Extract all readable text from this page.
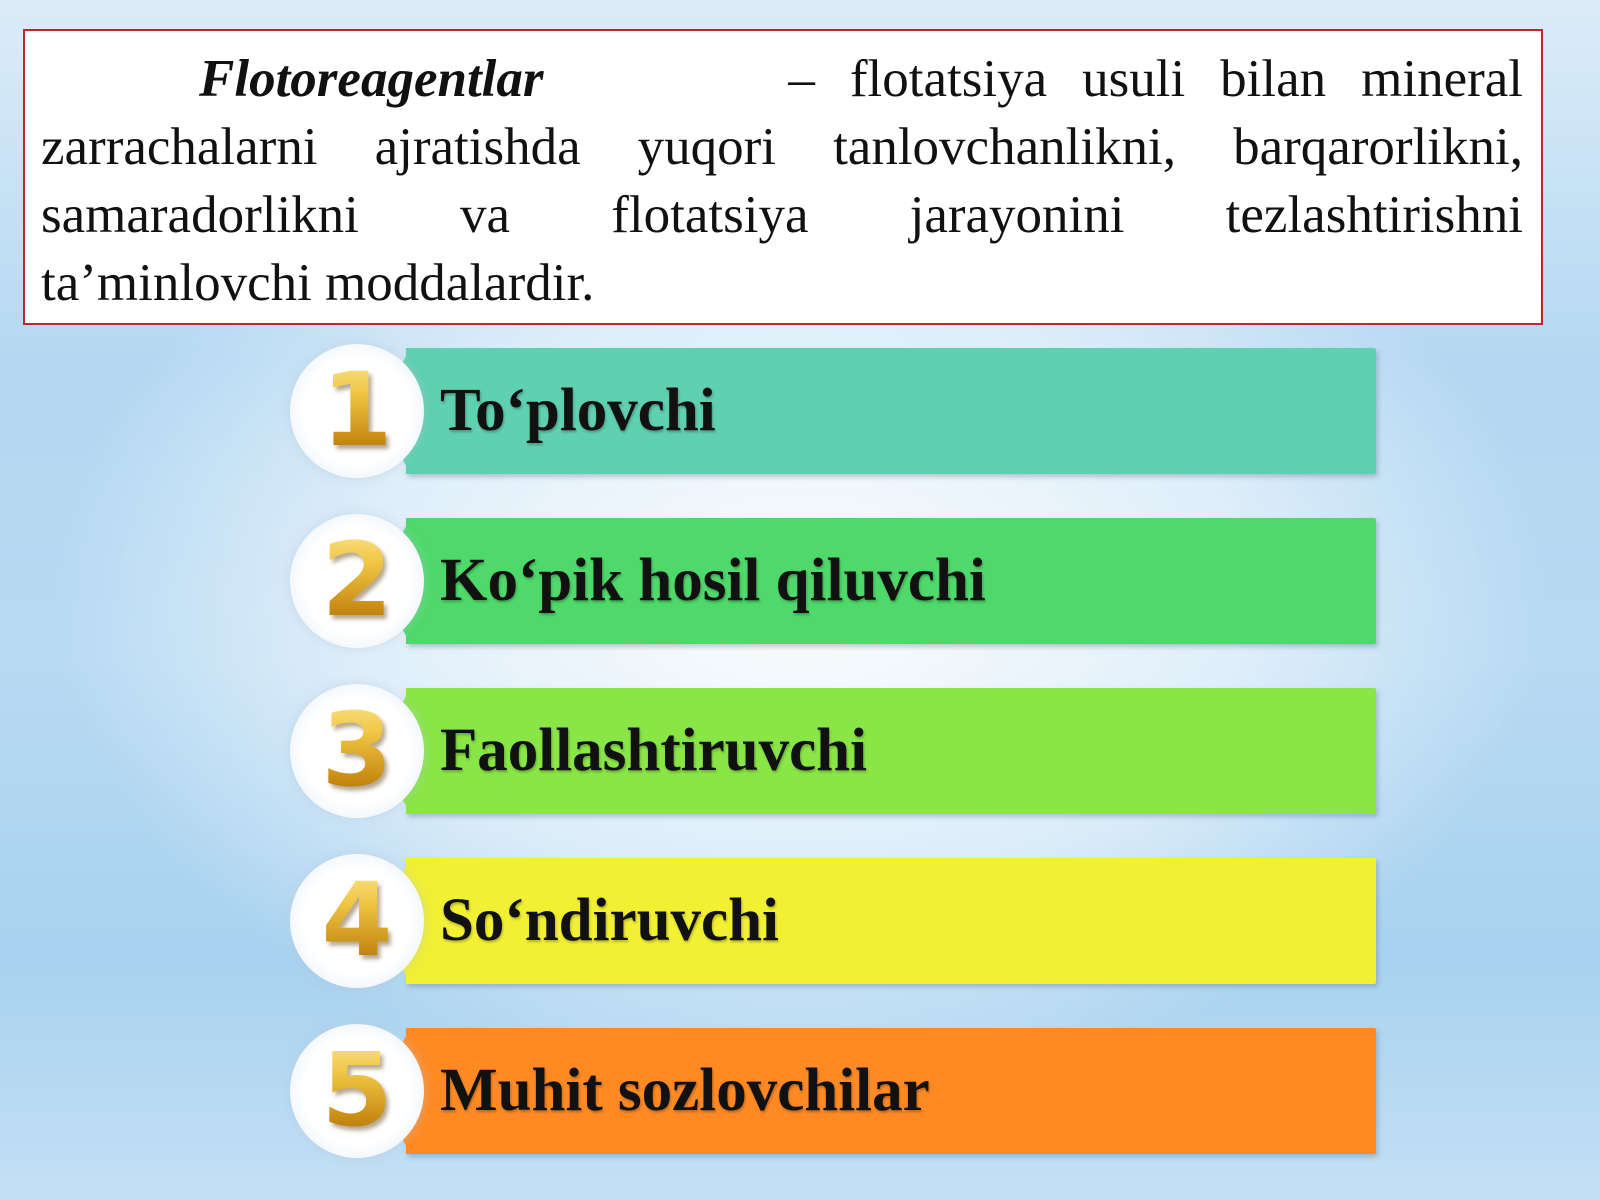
Flotoreagentlar	– flotatsiya usuli bilan mineral
zarrachalarni ajratishda yuqori tanlovchanlikni, barqarorlikni,
samaradorlikni va flotatsiya jarayonini tezlashtirishni
ta’minlovchi moddalardir.
1 To‘plovchi
2 Ko‘pik hosil qiluvchi
3 Faollashtiruvchi
4 So‘ndiruvchi
5 Muhit sozlovchilar
